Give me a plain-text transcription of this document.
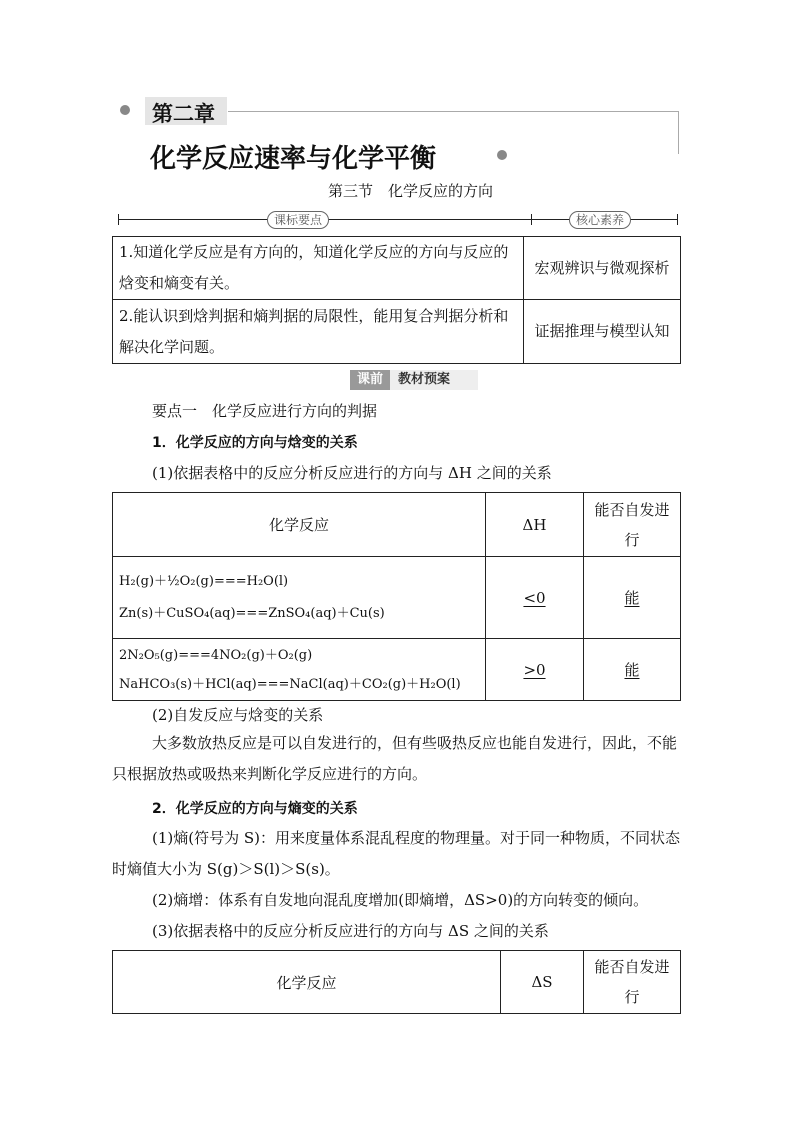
第二章
化学反应速率与化学平衡
第三节　化学反应的方向
课标要点	核心素养
1.知道化学反应是有方向的，知道化学反应的方向与反应的焓变和熵变有关。	宏观辨识与微观探析
2.能认识到焓判据和熵判据的局限性，能用复合判据分析和解决化学问题。	证据推理与模型认知
课前	教材预案
要点一　化学反应进行方向的判据
1．化学反应的方向与焓变的关系
(1)依据表格中的反应分析反应进行的方向与 ΔH 之间的关系
化学反应	ΔH	能否自发进行

H₂(g)＋½O₂(g)===H₂O(l)
Zn(s)＋CuSO₄(aq)===ZnSO₄(aq)＋Cu(s)	<0	能

2N₂O₅(g)===4NO₂(g)＋O₂(g)
NaHCO₃(s)＋HCl(aq)===NaCl(aq)＋CO₂(g)＋H₂O(l)	>0	能
(2)自发反应与焓变的关系
大多数放热反应是可以自发进行的，但有些吸热反应也能自发进行，因此，不能只根据放热或吸热来判断化学反应进行的方向。
2．化学反应的方向与熵变的关系
(1)熵(符号为 S)：用来度量体系混乱程度的物理量。对于同一种物质，不同状态时熵值大小为 S(g)＞S(l)＞S(s)。
(2)熵增：体系有自发地向混乱度增加(即熵增，ΔS>0)的方向转变的倾向。
(3)依据表格中的反应分析反应进行的方向与 ΔS 之间的关系
化学反应	ΔS	能否自发进行
